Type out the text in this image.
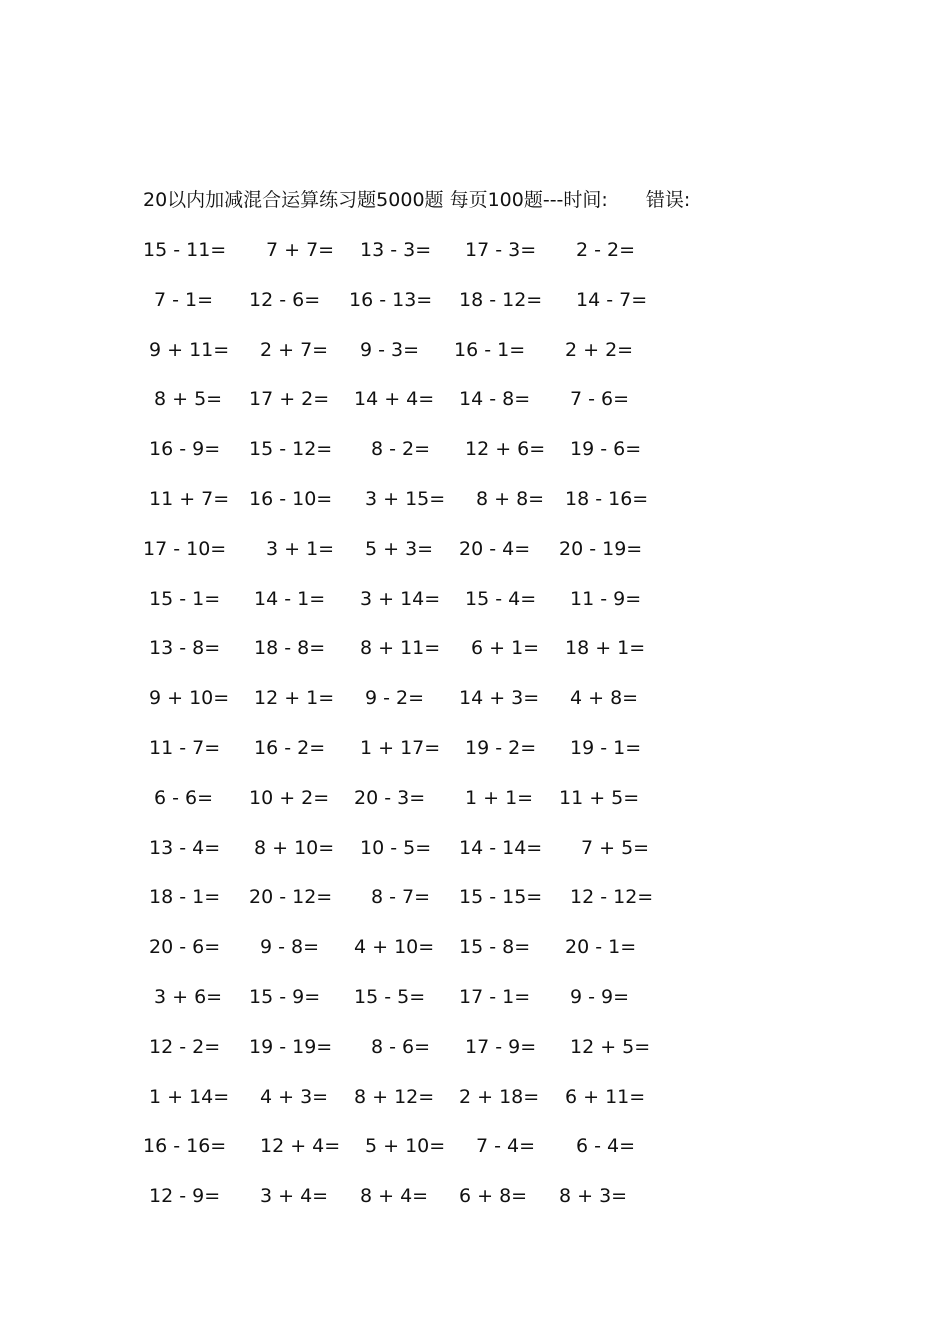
20以内加减混合运算练习题5000题 每页100题---时间: 错误:
15 - 11= 7 + 7= 13 - 3= 17 - 3= 2 - 2=
7 - 1= 12 - 6= 16 - 13= 18 - 12= 14 - 7=
9 + 11= 2 + 7= 9 - 3= 16 - 1= 2 + 2=
8 + 5= 17 + 2= 14 + 4= 14 - 8= 7 - 6=
16 - 9= 15 - 12= 8 - 2= 12 + 6= 19 - 6=
11 + 7= 16 - 10= 3 + 15= 8 + 8= 18 - 16=
17 - 10= 3 + 1= 5 + 3= 20 - 4= 20 - 19=
15 - 1= 14 - 1= 3 + 14= 15 - 4= 11 - 9=
13 - 8= 18 - 8= 8 + 11= 6 + 1= 18 + 1=
9 + 10= 12 + 1= 9 - 2= 14 + 3= 4 + 8=
11 - 7= 16 - 2= 1 + 17= 19 - 2= 19 - 1=
6 - 6= 10 + 2= 20 - 3= 1 + 1= 11 + 5=
13 - 4= 8 + 10= 10 - 5= 14 - 14= 7 + 5=
18 - 1= 20 - 12= 8 - 7= 15 - 15= 12 - 12=
20 - 6= 9 - 8= 4 + 10= 15 - 8= 20 - 1=
3 + 6= 15 - 9= 15 - 5= 17 - 1= 9 - 9=
12 - 2= 19 - 19= 8 - 6= 17 - 9= 12 + 5=
1 + 14= 4 + 3= 8 + 12= 2 + 18= 6 + 11=
16 - 16= 12 + 4= 5 + 10= 7 - 4= 6 - 4=
12 - 9= 3 + 4= 8 + 4= 6 + 8= 8 + 3=
